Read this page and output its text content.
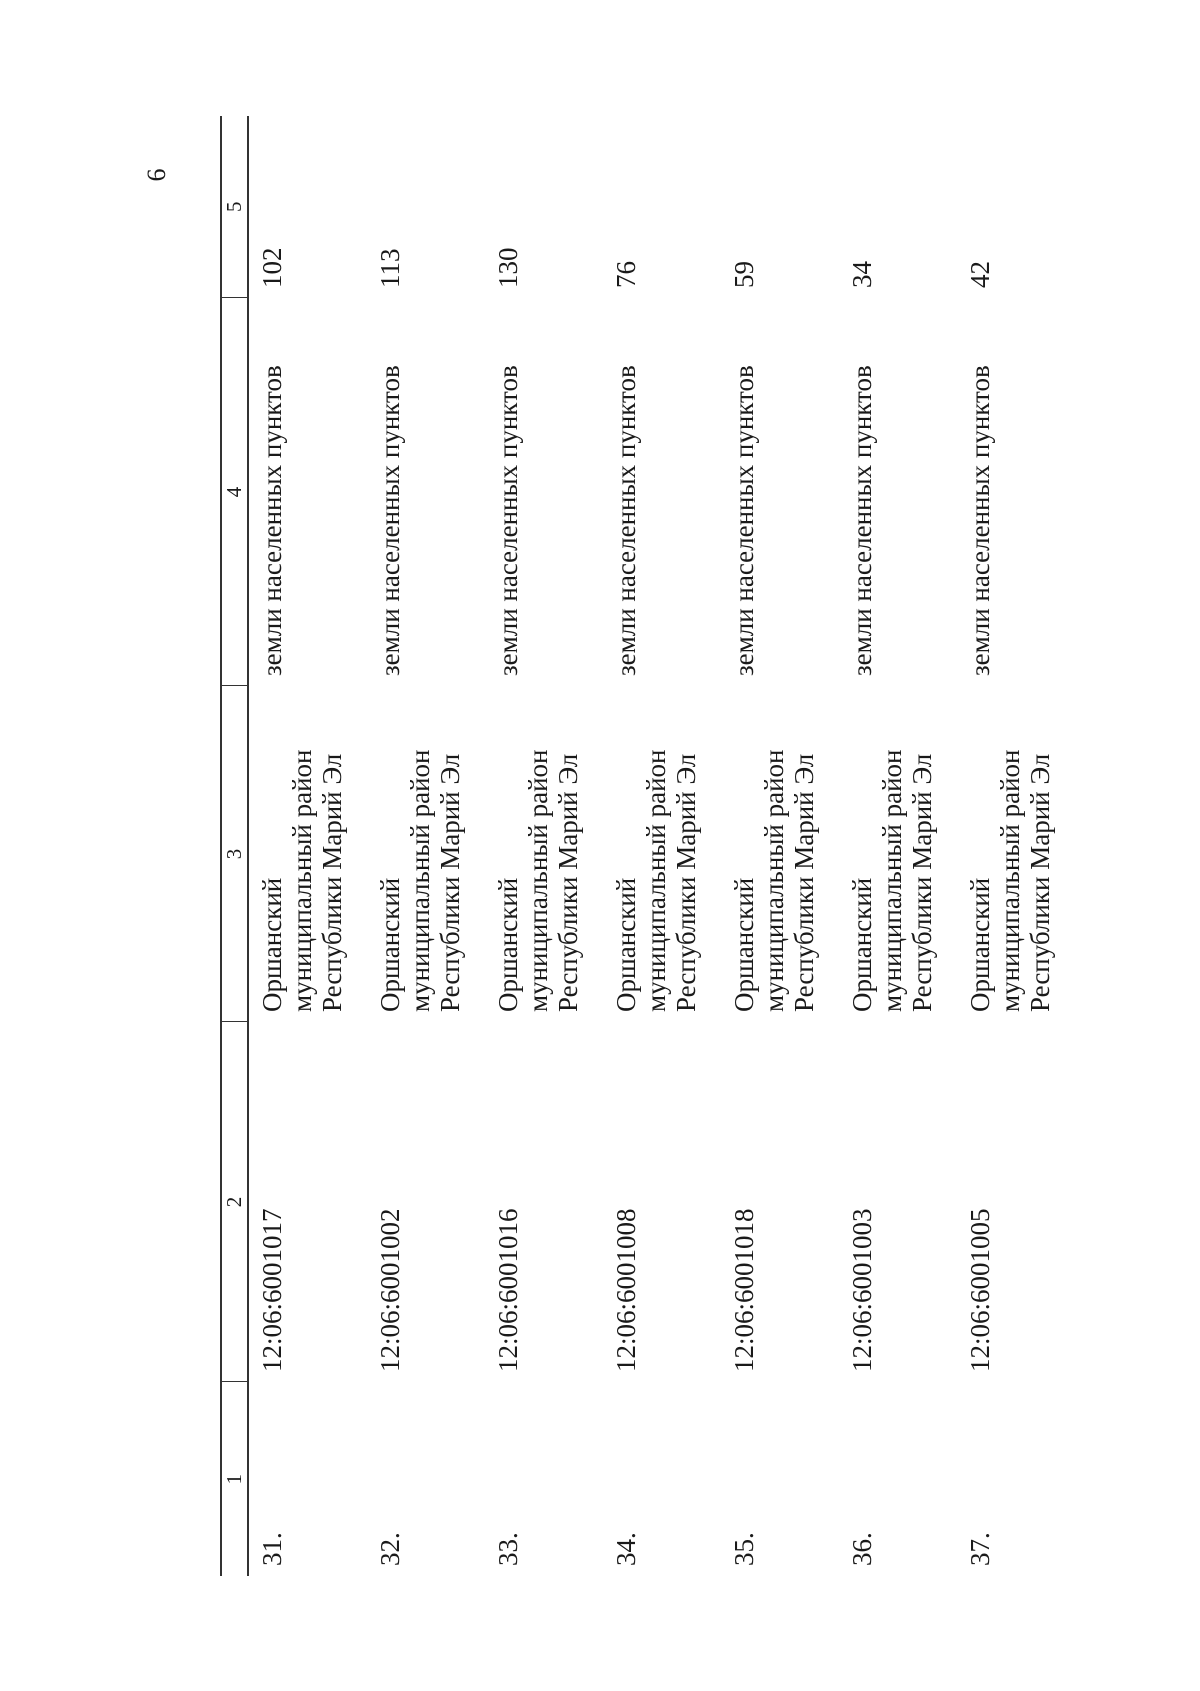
6
1	2	3	4	5
31.	12:06:6001017	Оршанский муниципальный район Республики Марий Эл	земли населенных пунктов	102
32.	12:06:6001002	Оршанский муниципальный район Республики Марий Эл	земли населенных пунктов	113
33.	12:06:6001016	Оршанский муниципальный район Республики Марий Эл	земли населенных пунктов	130
34.	12:06:6001008	Оршанский муниципальный район Республики Марий Эл	земли населенных пунктов	76
35.	12:06:6001018	Оршанский муниципальный район Республики Марий Эл	земли населенных пунктов	59
36.	12:06:6001003	Оршанский муниципальный район Республики Марий Эл	земли населенных пунктов	34
37.	12:06:6001005	Оршанский муниципальный район Республики Марий Эл	земли населенных пунктов	42
